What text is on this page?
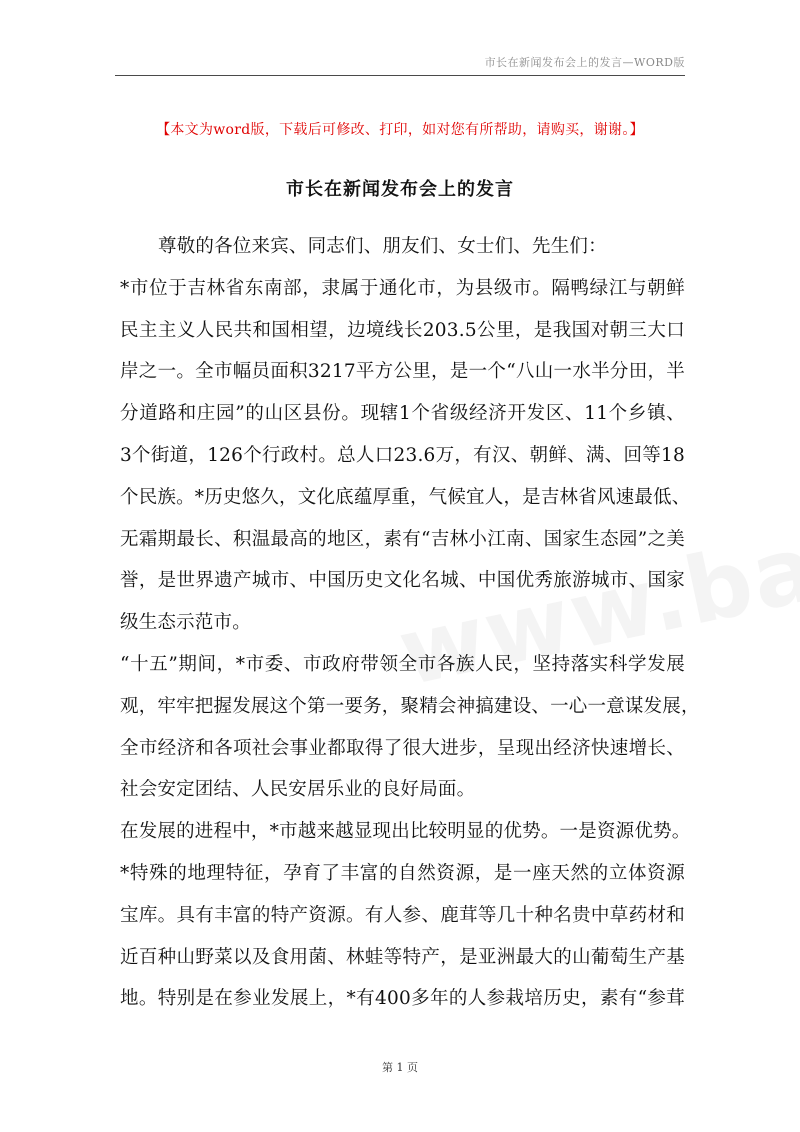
市长在新闻发布会上的发言—WORD版
【本文为word版，下载后可修改、打印，如对您有所帮助，请购买，谢谢。】
市长在新闻发布会上的发言
尊敬的各位来宾、同志们、朋友们、女士们、先生们：
*市位于吉林省东南部，隶属于通化市，为县级市。隔鸭绿江与朝鲜
民主主义人民共和国相望，边境线长203.5公里，是我国对朝三大口
岸之一。全市幅员面积3217平方公里，是一个“八山一水半分田，半
分道路和庄园”的山区县份。现辖1个省级经济开发区、11个乡镇、
3个街道，126个行政村。总人口23.6万，有汉、朝鲜、满、回等18
个民族。*历史悠久，文化底蕴厚重，气候宜人，是吉林省风速最低、
无霜期最长、积温最高的地区，素有“吉林小江南、国家生态园”之美
誉，是世界遗产城市、中国历史文化名城、中国优秀旅游城市、国家
级生态示范市。
“十五”期间，*市委、市政府带领全市各族人民，坚持落实科学发展
观，牢牢把握发展这个第一要务，聚精会神搞建设、一心一意谋发展，
全市经济和各项社会事业都取得了很大进步，呈现出经济快速增长、
社会安定团结、人民安居乐业的良好局面。
在发展的进程中，*市越来越显现出比较明显的优势。一是资源优势。
*特殊的地理特征，孕育了丰富的自然资源，是一座天然的立体资源
宝库。具有丰富的特产资源。有人参、鹿茸等几十种名贵中草药材和
近百种山野菜以及食用菌、林蛙等特产，是亚洲最大的山葡萄生产基
地。特别是在参业发展上，*有400多年的人参栽培历史，素有“参茸
第 1 页
